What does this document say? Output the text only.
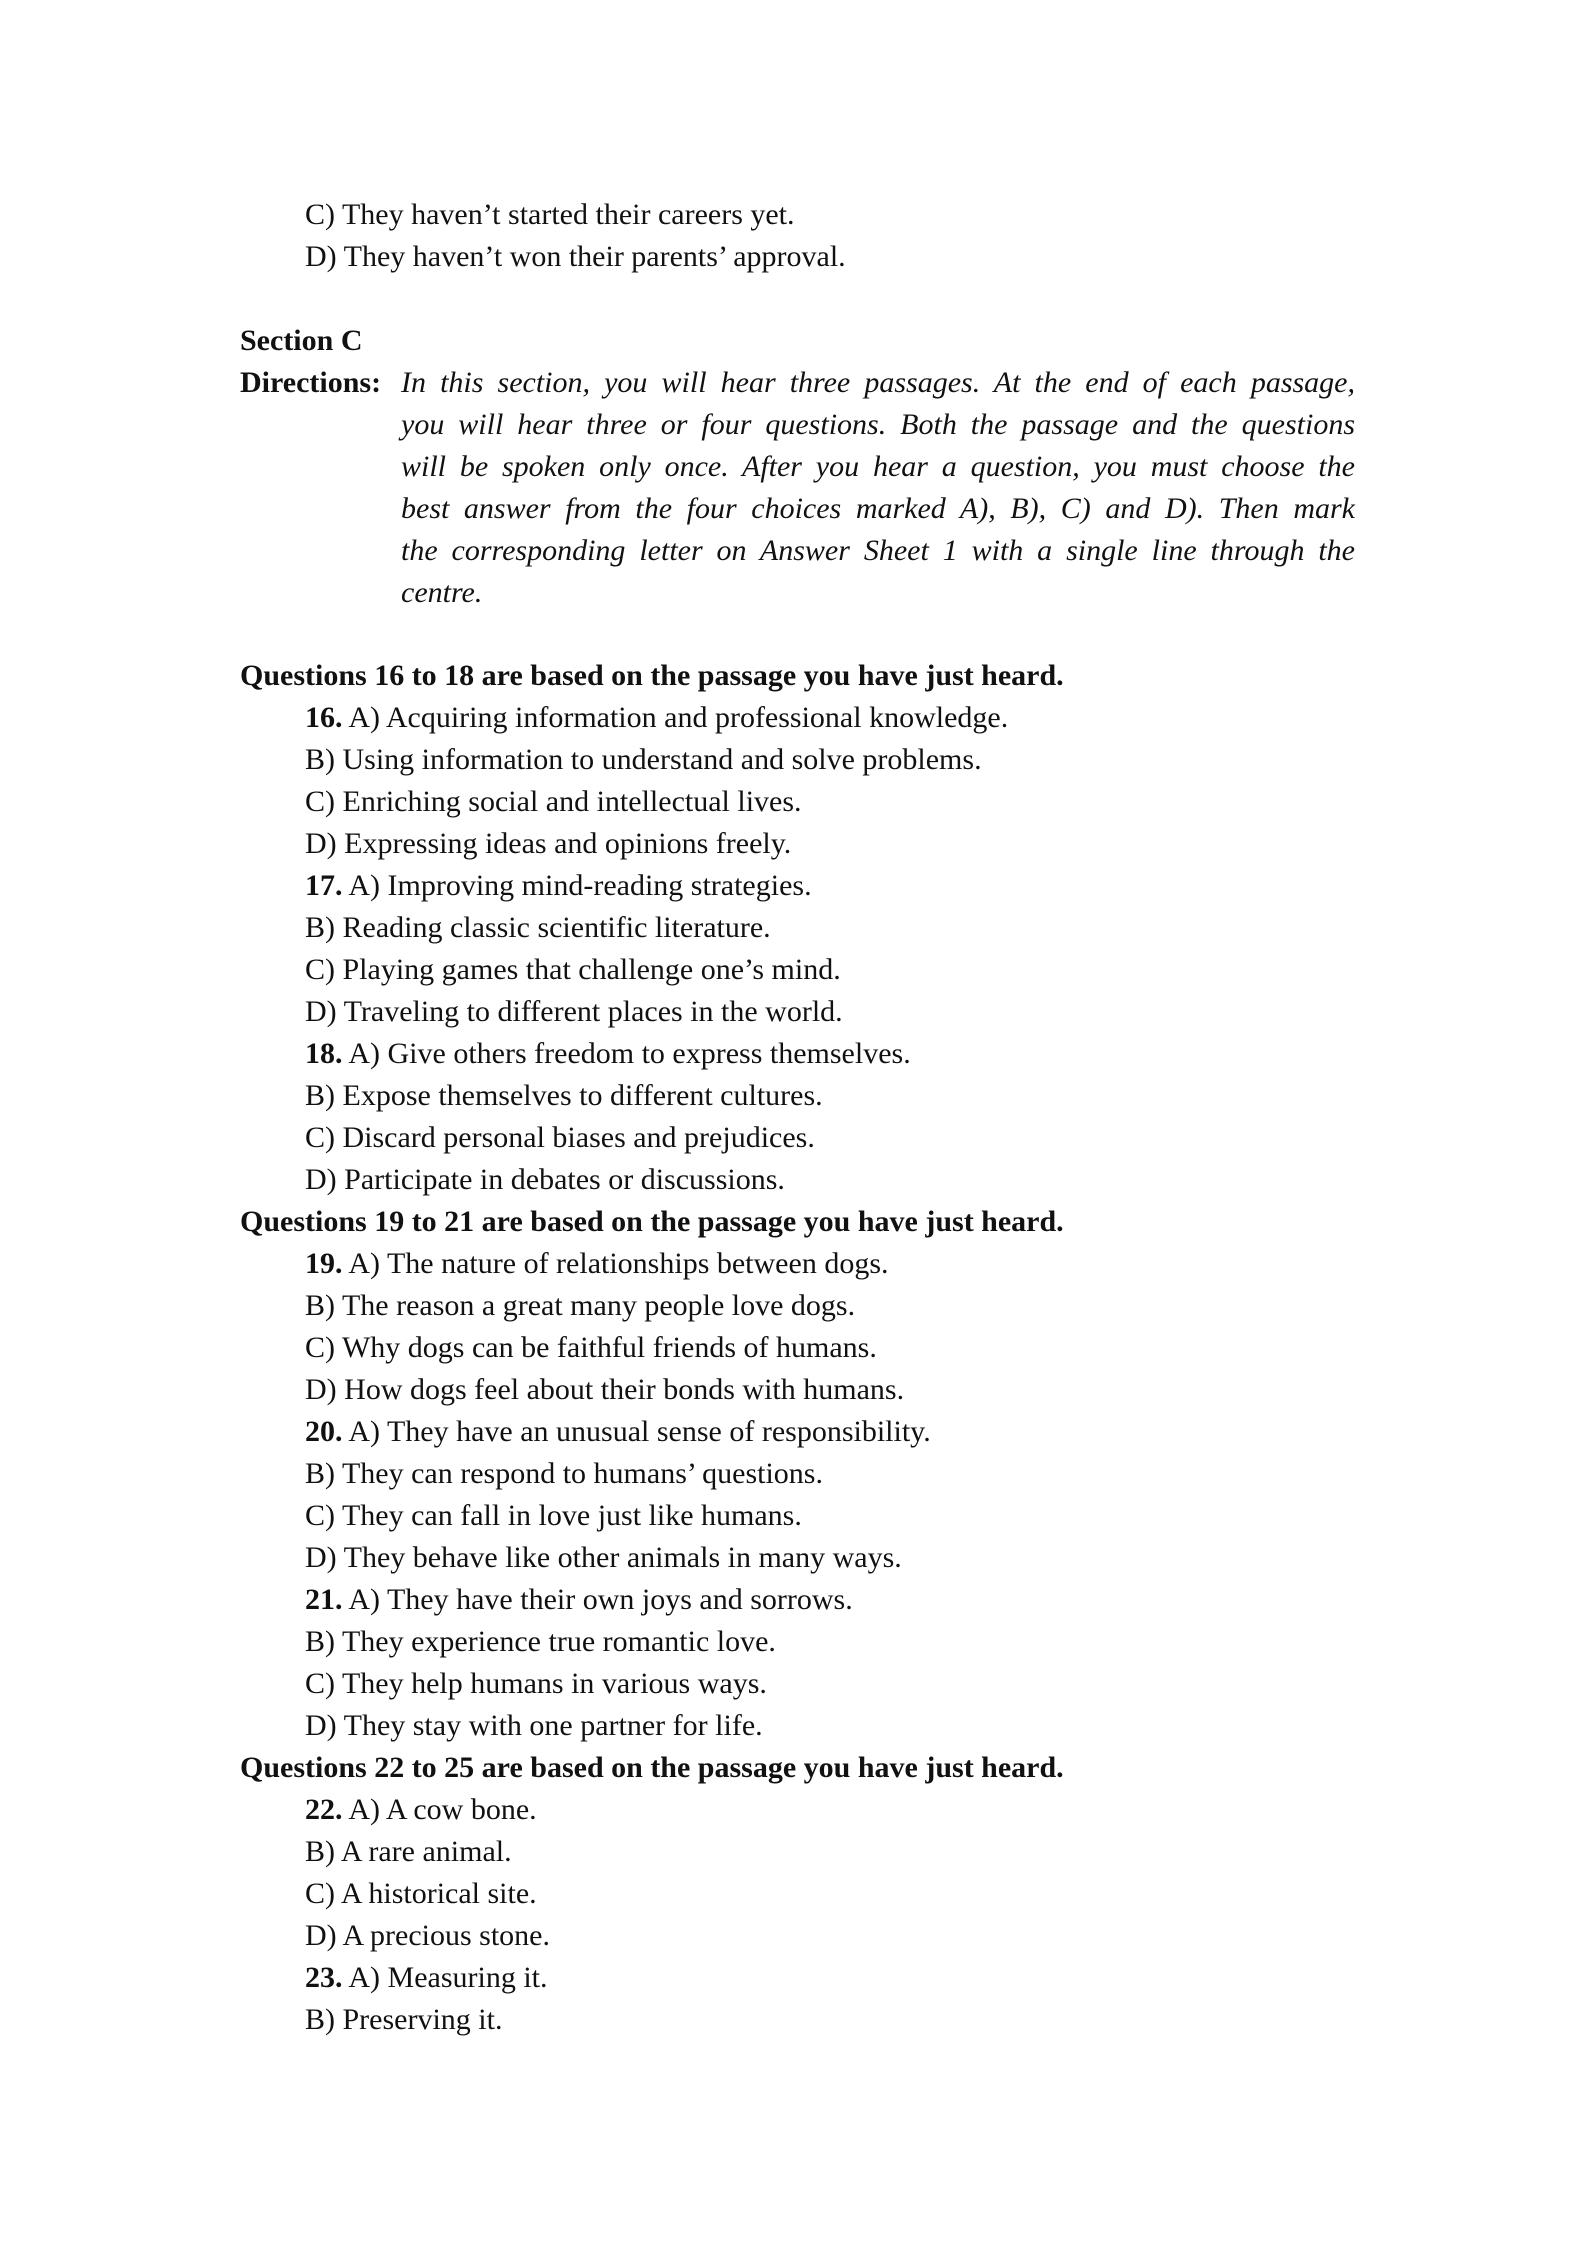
C) They haven’t started their careers yet.
D) They haven’t won their parents’ approval.
Section C
Directions: In this section, you will hear three passages. At the end of each passage,
you will hear three or four questions. Both the passage and the questions
will be spoken only once. After you hear a question, you must choose the
best answer from the four choices marked A), B), C) and D). Then mark
the corresponding letter on Answer Sheet 1 with a single line through the
centre.
Questions 16 to 18 are based on the passage you have just heard.
16. A) Acquiring information and professional knowledge.
B) Using information to understand and solve problems.
C) Enriching social and intellectual lives.
D) Expressing ideas and opinions freely.
17. A) Improving mind-reading strategies.
B) Reading classic scientific literature.
C) Playing games that challenge one’s mind.
D) Traveling to different places in the world.
18. A) Give others freedom to express themselves.
B) Expose themselves to different cultures.
C) Discard personal biases and prejudices.
D) Participate in debates or discussions.
Questions 19 to 21 are based on the passage you have just heard.
19. A) The nature of relationships between dogs.
B) The reason a great many people love dogs.
C) Why dogs can be faithful friends of humans.
D) How dogs feel about their bonds with humans.
20. A) They have an unusual sense of responsibility.
B) They can respond to humans’ questions.
C) They can fall in love just like humans.
D) They behave like other animals in many ways.
21. A) They have their own joys and sorrows.
B) They experience true romantic love.
C) They help humans in various ways.
D) They stay with one partner for life.
Questions 22 to 25 are based on the passage you have just heard.
22. A) A cow bone.
B) A rare animal.
C) A historical site.
D) A precious stone.
23. A) Measuring it.
B) Preserving it.
